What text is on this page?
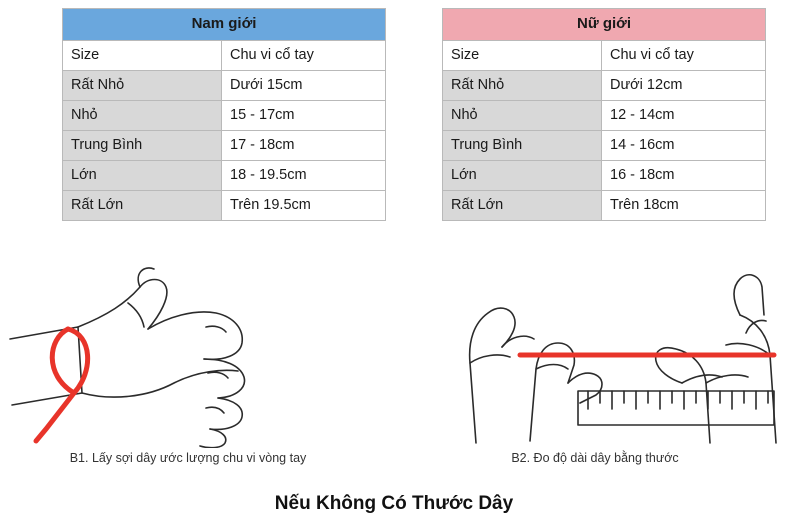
Nam giới	
Size	Chu vi cổ tay
Rất Nhỏ	Dưới 15cm
Nhỏ	15 - 17cm
Trung Bình	17 - 18cm
Lớn	18 - 19.5cm
Rất Lớn	Trên 19.5cm
Nữ giới	
Size	Chu vi cổ tay
Rất Nhỏ	Dưới 12cm
Nhỏ	12 - 14cm
Trung Bình	14 - 16cm
Lớn	16 - 18cm
Rất Lớn	Trên 18cm
B1. Lấy sợi dây ước lượng chu vi vòng tay	B2. Đo độ dài dây bằng thước
Nếu Không Có Thước Dây
